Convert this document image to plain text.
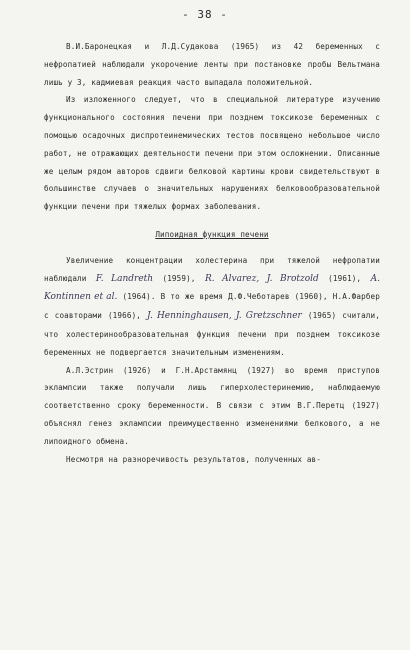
- 38 -

В.И.Баронецкая и Л.Д.Судакова (1965) из 42 беременных с нефропатией наблюдали укорочение ленты при постановке пробы Вельтмана лишь у 3, кадмиевая реакция часто выпадала положительной.

Из изложенного следует, что в специальной литературе изучению функционального состояния печени при позднем токсикозе беременных с помощью осадочных диспротеинемических тестов посвящено небольшое число работ, не отражающих деятельности печени при этом осложнении. Описанные же целым рядом авторов сдвиги белковой картины крови свидетельствуют в большинстве случаев о значительных нарушениях белковообразовательной функции печени при тяжелых формах заболевания.

Липоидная функция печени

Увеличение концентрации холестерина при тяжелой нефропатии наблюдали F. Landreth (1959), R. Alvarez, J. Brotzold (1961), A. Kontinnen et al. (1964). В то же время Д.Ф.Чеботарев (1960), Н.А.Фарбер с соавторами (1966), J. Henninghausen, J. Gretzschner (1965) считали, что холестеринообразовательная функция печени при позднем токсикозе беременных не подвергается значительным изменениям.

А.Л.Эстрин (1926) и Г.Н.Арстамянц (1927) во время приступов эклампсии также получали лишь гиперхолестеринемию, наблюдаемую соответственно сроку беременности. В связи с этим В.Г.Перетц (1927) объяснял генез эклампсии преимущественно изменениями белкового, а не липоидного обмена.

Несмотря на разноречивость результатов, полученных ав-
